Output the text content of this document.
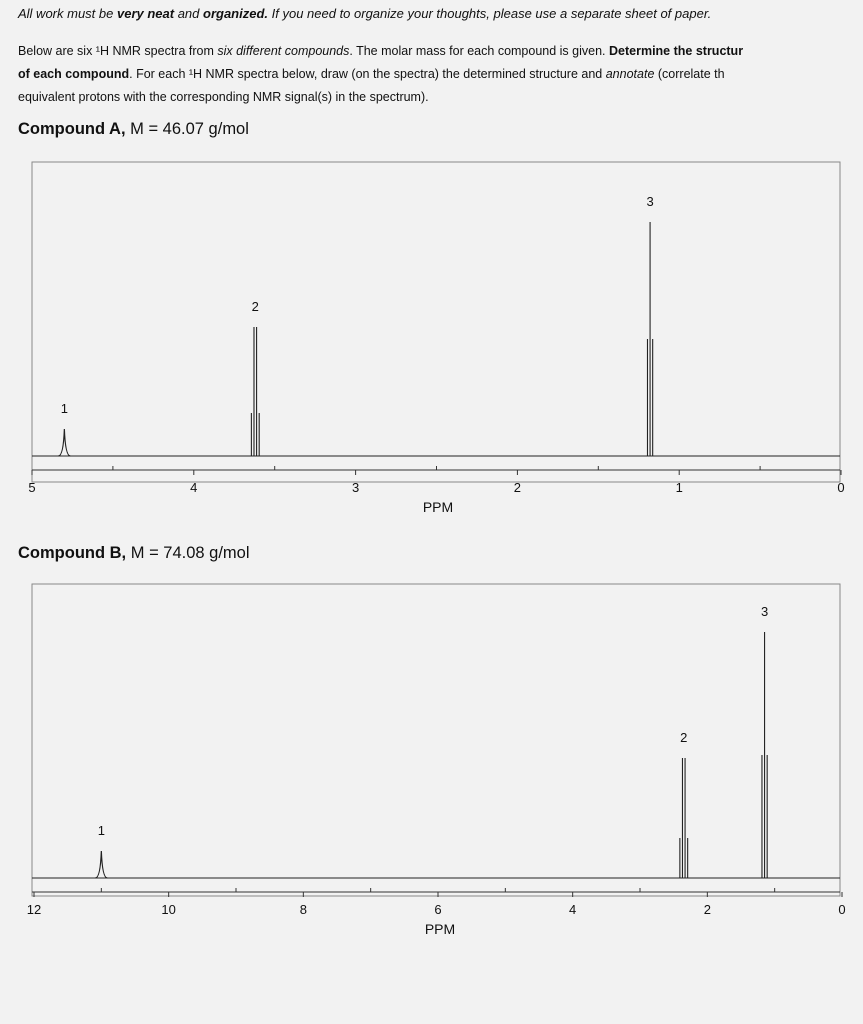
All work must be very neat and organized. If you need to organize your thoughts, please use a separate sheet of paper.
Below are six ¹H NMR spectra from six different compounds. The molar mass for each compound is given. Determine the structur
of each compound. For each ¹H NMR spectra below, draw (on the spectra) the determined structure and annotate (correlate th
equivalent protons with the corresponding NMR signal(s) in the spectrum).
Compound A, M = 46.07 g/mol
5	4	3	2	1	0
1
2
3
PPM
Compound B, M = 74.08 g/mol
12	10	8	6	4	2	0
1
2
3
PPM
